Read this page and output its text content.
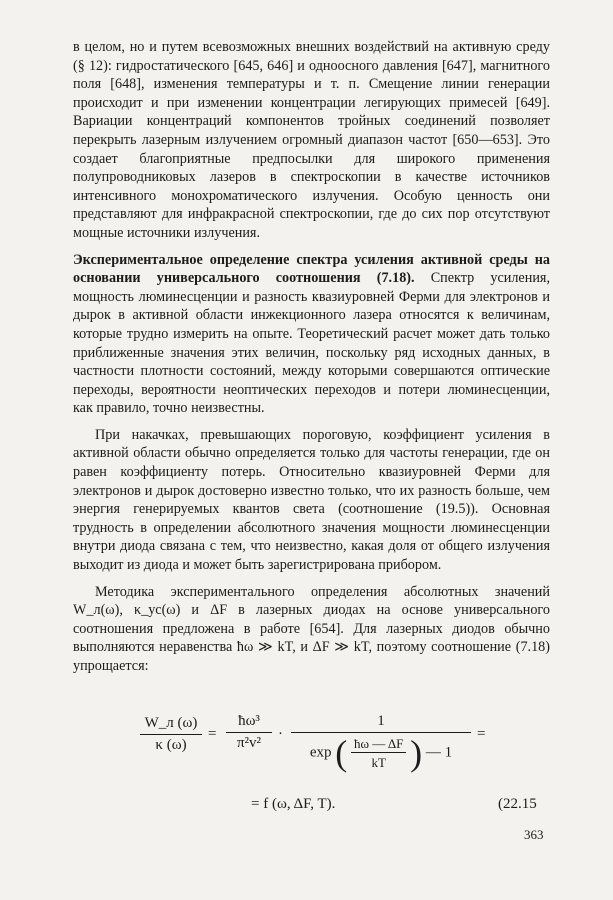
в целом, но и путем всевозможных внешних воздействий на активную среду (§ 12): гидростатического [645, 646] и одноосного давления [647], магнитного поля [648], изменения температуры и т. п. Смещение линии генерации происходит и при изменении концентрации легирующих примесей [649]. Вариации концентраций компонентов тройных соединений позволяет перекрыть лазерным излучением огромный диапазон частот [650—653]. Это создает благоприятные предпосылки для широкого применения полупроводниковых лазеров в спектроскопии в качестве источников интенсивного монохроматического излучения. Особую ценность они представляют для инфракрасной спектроскопии, где до сих пор отсутствуют мощные источники излучения.

Экспериментальное определение спектра усиления активной среды на основании универсального соотношения (7.18). Спектр усиления, мощность люминесценции и разность квазиуровней Ферми для электронов и дырок в активной области инжекционного лазера относятся к величинам, которые трудно измерить на опыте. Теоретический расчет может дать только приближенные значения этих величин, поскольку ряд исходных данных, в частности плотности состояний, между которыми совершаются оптические переходы, вероятности неоптических переходов и потери люминесценции, как правило, точно неизвестны.

При накачках, превышающих пороговую, коэффициент усиления в активной области обычно определяется только для частоты генерации, где он равен коэффициенту потерь. Относительно квазиуровней Ферми для электронов и дырок достоверно известно только, что их разность больше, чем энергия генерируемых квантов света (соотношение (19.5)). Основная трудность в определении абсолютного значения мощности люминесценции внутри диода связана с тем, что неизвестно, какая доля от общего излучения выходит из диода и может быть зарегистрирована прибором.

Методика экспериментального определения абсолютных значений W_л(ω), κ_ус(ω) и ΔF в лазерных диодах на основе универсального соотношения предложена в работе [654]. Для лазерных диодов обычно выполняются неравенства ħω ≫ kT, и ΔF ≫ kT, поэтому соотношение (7.18) упрощается:

W_л (ω)
κ (ω)
= $\frac{\text{ħω³}}{\text{π²v²}}$ ·
1
exp ( $\frac{ħ\omega — \Delta F}{kT}$ ) — 1
=
= f (ω, ΔF, T).	(22.15
363
